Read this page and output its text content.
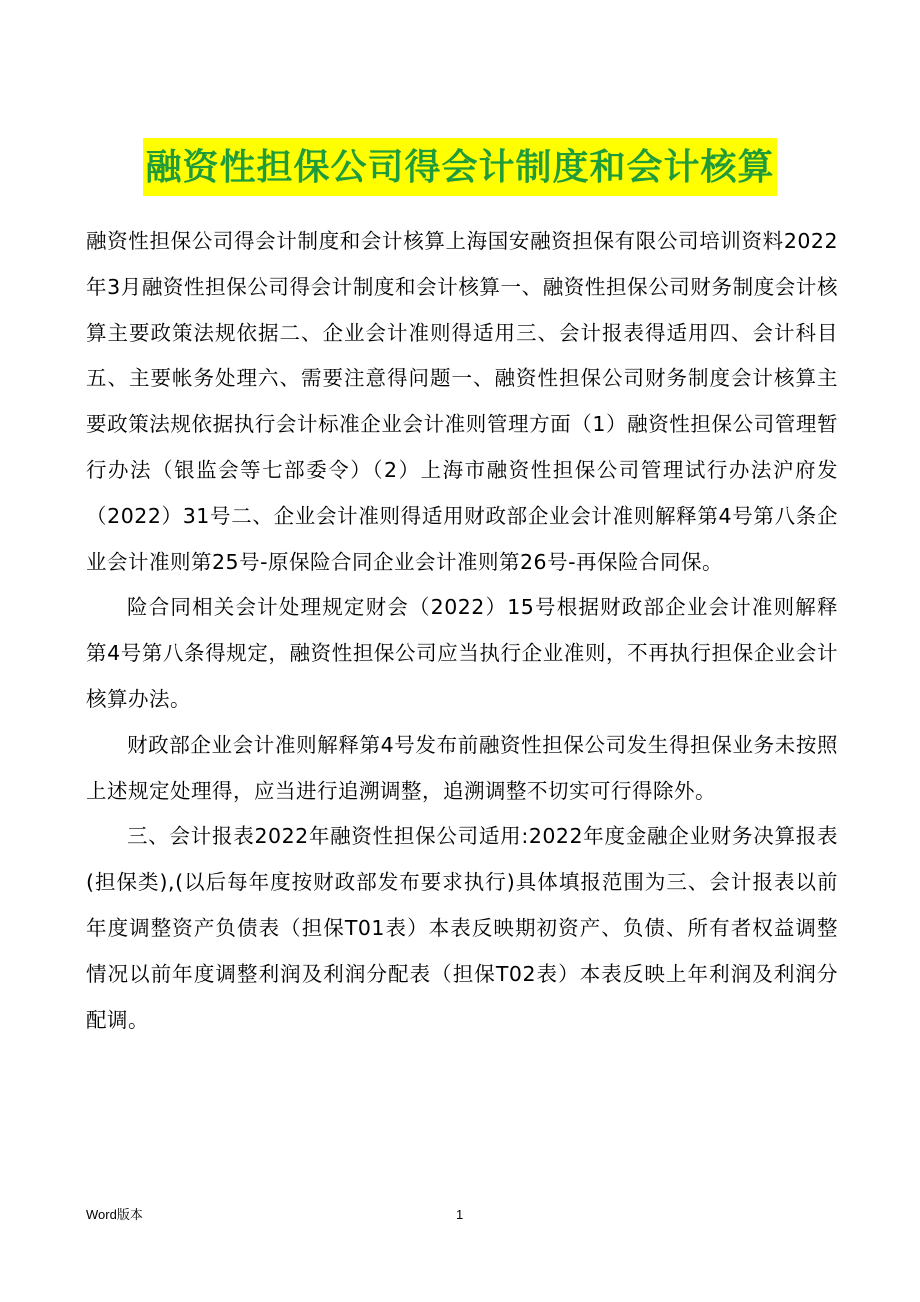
融资性担保公司得会计制度和会计核算

融资性担保公司得会计制度和会计核算上海国安融资担保有限公司培训资料2022年3月融资性担保公司得会计制度和会计核算一、融资性担保公司财务制度会计核算主要政策法规依据二、企业会计准则得适用三、会计报表得适用四、会计科目五、主要帐务处理六、需要注意得问题一、融资性担保公司财务制度会计核算主要政策法规依据执行会计标准企业会计准则管理方面（1）融资性担保公司管理暂行办法（银监会等七部委令）（2）上海市融资性担保公司管理试行办法沪府发（2022）31号二、企业会计准则得适用财政部企业会计准则解释第4号第八条企业会计准则第25号-原保险合同企业会计准则第26号-再保险合同保。

险合同相关会计处理规定财会（2022）15号根据财政部企业会计准则解释第4号第八条得规定，融资性担保公司应当执行企业准则，不再执行担保企业会计核算办法。

财政部企业会计准则解释第4号发布前融资性担保公司发生得担保业务未按照上述规定处理得，应当进行追溯调整，追溯调整不切实可行得除外。

三、会计报表2022年融资性担保公司适用:2022年度金融企业财务决算报表(担保类),(以后每年度按财政部发布要求执行)具体填报范围为三、会计报表以前年度调整资产负债表（担保T01表）本表反映期初资产、负债、所有者权益调整情况以前年度调整利润及利润分配表（担保T02表）本表反映上年利润及利润分配调。

Word版本	1
